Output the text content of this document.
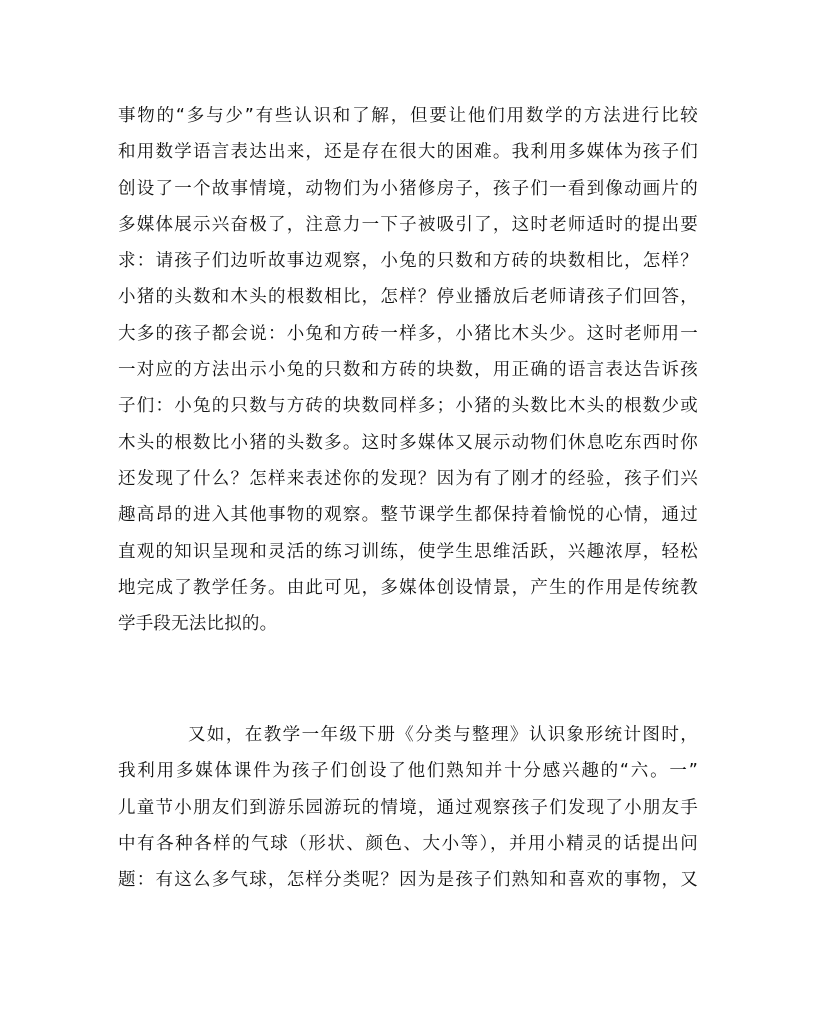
事物的“多与少”有些认识和了解，但要让他们用数学的方法进行比较
和用数学语言表达出来，还是存在很大的困难。我利用多媒体为孩子们
创设了一个故事情境，动物们为小猪修房子，孩子们一看到像动画片的
多媒体展示兴奋极了，注意力一下子被吸引了，这时老师适时的提出要
求：请孩子们边听故事边观察，小兔的只数和方砖的块数相比，怎样？
小猪的头数和木头的根数相比，怎样？停业播放后老师请孩子们回答，
大多的孩子都会说：小兔和方砖一样多，小猪比木头少。这时老师用一
一对应的方法出示小兔的只数和方砖的块数，用正确的语言表达告诉孩
子们：小兔的只数与方砖的块数同样多；小猪的头数比木头的根数少或
木头的根数比小猪的头数多。这时多媒体又展示动物们休息吃东西时你
还发现了什么？怎样来表述你的发现？因为有了刚才的经验，孩子们兴
趣高昂的进入其他事物的观察。整节课学生都保持着愉悦的心情，通过
直观的知识呈现和灵活的练习训练，使学生思维活跃，兴趣浓厚，轻松
地完成了教学任务。由此可见，多媒体创设情景，产生的作用是传统教
学手段无法比拟的。
又如，在教学一年级下册《分类与整理》认识象形统计图时，
我利用多媒体课件为孩子们创设了他们熟知并十分感兴趣的“六。一”
儿童节小朋友们到游乐园游玩的情境，通过观察孩子们发现了小朋友手
中有各种各样的气球（形状、颜色、大小等），并用小精灵的话提出问
题：有这么多气球，怎样分类呢？因为是孩子们熟知和喜欢的事物，又
